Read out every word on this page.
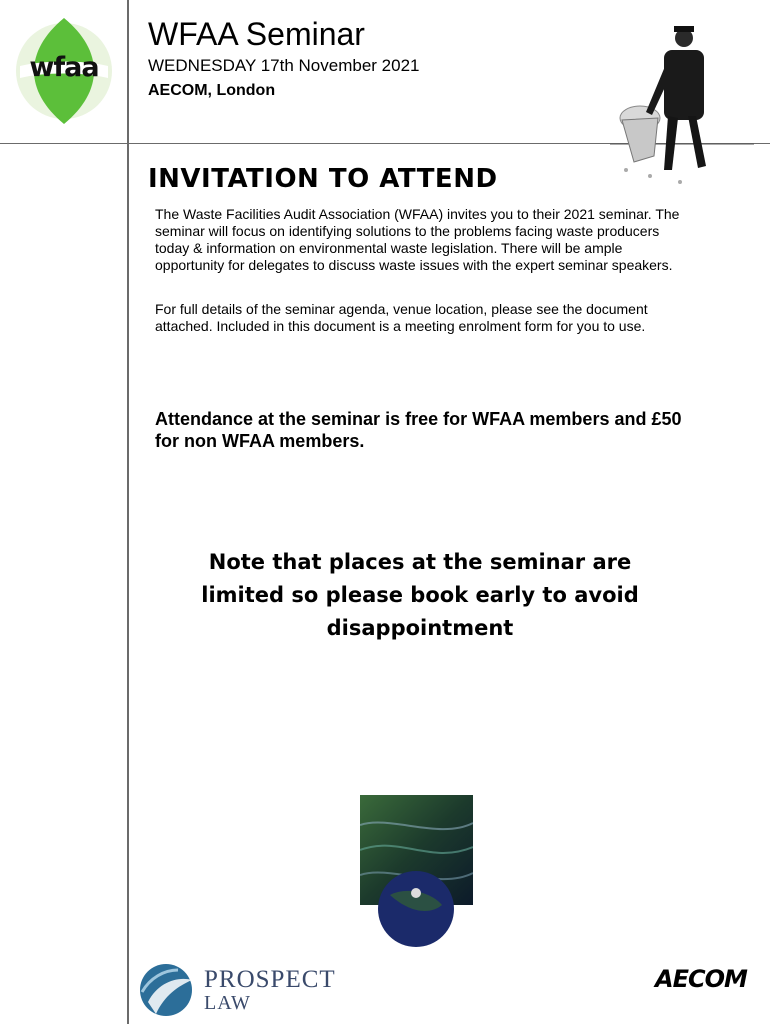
wfaa
WFAA Seminar
WEDNESDAY 17th November 2021
AECOM, London
INVITATION TO ATTEND

The Waste Facilities Audit Association (WFAA) invites you to their 2021 seminar. The seminar will focus on identifying solutions to the problems facing waste producers today & information on environmental waste legislation. There will be ample opportunity for delegates to discuss waste issues with the expert seminar speakers.

For full details of the seminar agenda, venue location, please see the document attached. Included in this document is a meeting enrolment form for you to use.

Attendance at the seminar is free for WFAA members and £50 for non WFAA members.

Note that places at the seminar are limited so please book early to avoid disappointment

PROSPECT
LAW
AECOM
